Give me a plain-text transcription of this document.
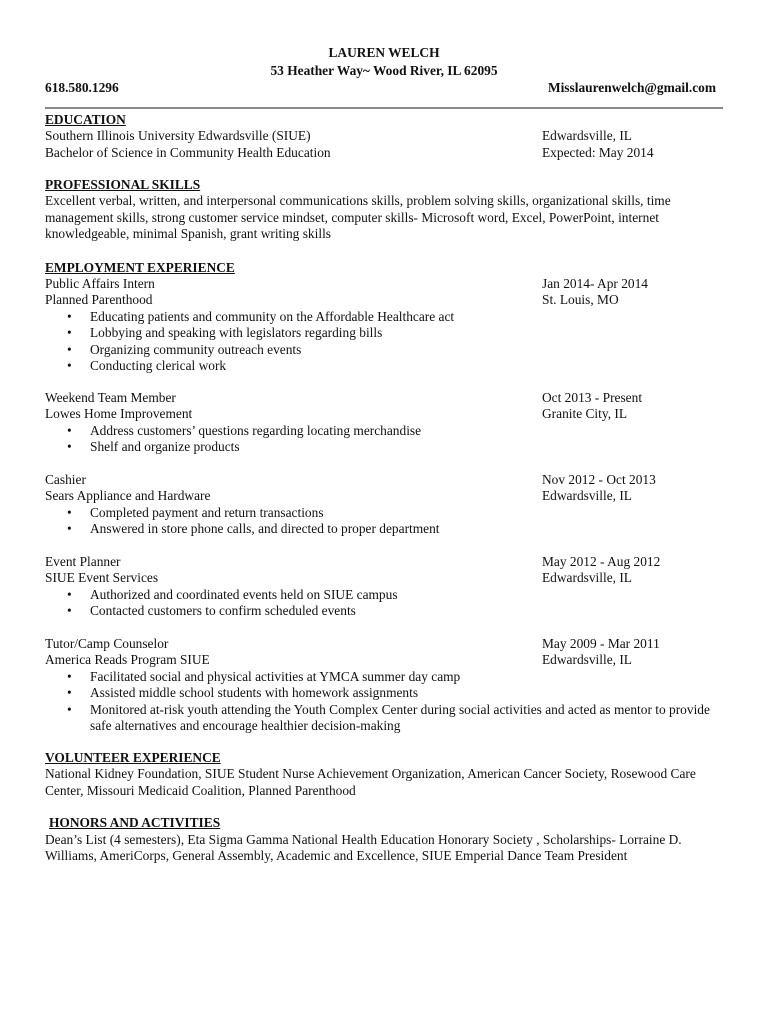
LAUREN WELCH
53 Heather Way~ Wood River, IL 62095
618.580.1296	Misslaurenwelch@gmail.com
EDUCATION
Southern Illinois University Edwardsville (SIUE)	Edwardsville, IL
Bachelor of Science in Community Health Education	Expected: May 2014
PROFESSIONAL SKILLS
Excellent verbal, written, and interpersonal communications skills, problem solving skills, organizational skills, time management skills, strong customer service mindset, computer skills- Microsoft word, Excel, PowerPoint, internet knowledgeable, minimal Spanish, grant writing skills
EMPLOYMENT EXPERIENCE
Public Affairs Intern	Jan 2014- Apr 2014
Planned Parenthood	St. Louis, MO
• Educating patients and community on the Affordable Healthcare act
• Lobbying and speaking with legislators regarding bills
• Organizing community outreach events
• Conducting clerical work
Weekend Team Member	Oct 2013 - Present
Lowes Home Improvement	Granite City, IL
• Address customers’ questions regarding locating merchandise
• Shelf and organize products
Cashier	Nov 2012 - Oct 2013
Sears Appliance and Hardware	Edwardsville, IL
• Completed payment and return transactions
• Answered in store phone calls, and directed to proper department
Event Planner	May 2012 - Aug 2012
SIUE Event Services	Edwardsville, IL
• Authorized and coordinated events held on SIUE campus
• Contacted customers to confirm scheduled events
Tutor/Camp Counselor	May 2009 - Mar 2011
America Reads Program SIUE	Edwardsville, IL
• Facilitated social and physical activities at YMCA summer day camp
• Assisted middle school students with homework assignments
• Monitored at-risk youth attending the Youth Complex Center during social activities and acted as mentor to provide safe alternatives and encourage healthier decision-making
VOLUNTEER EXPERIENCE
National Kidney Foundation, SIUE Student Nurse Achievement Organization, American Cancer Society, Rosewood Care Center, Missouri Medicaid Coalition, Planned Parenthood
HONORS AND ACTIVITIES
Dean’s List (4 semesters), Eta Sigma Gamma National Health Education Honorary Society , Scholarships- Lorraine D. Williams, AmeriCorps, General Assembly, Academic and Excellence, SIUE Emperial Dance Team President
